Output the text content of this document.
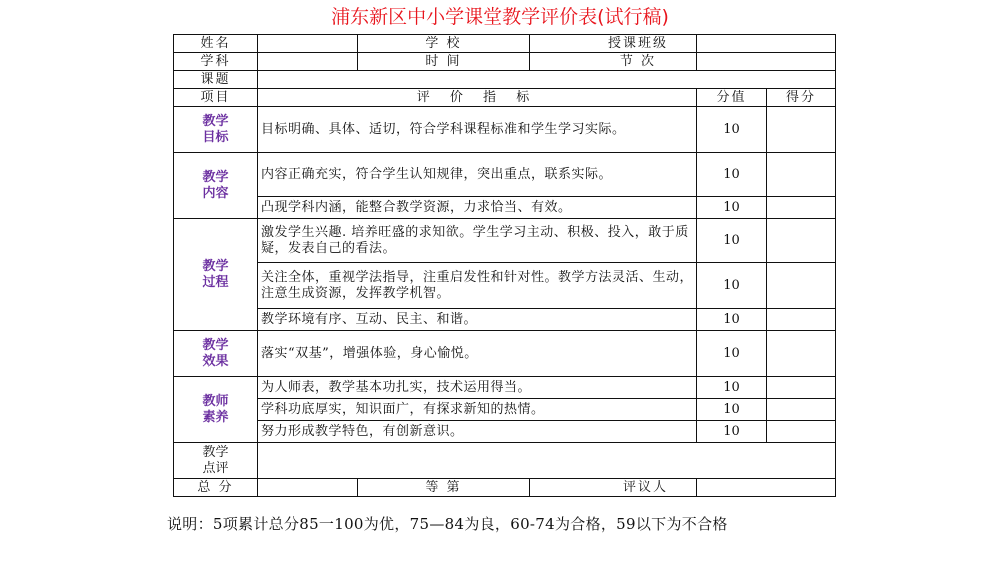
浦东新区中小学课堂教学评价表(试行稿)
姓名		学 校	授课班级		
学科		时 间	节 次		
课题					
项目	评 价 指 标			分值	得分

教学
目标	目标明确、具体、适切，符合学科课程标准和学生学习实际。			10	

教学
内容	内容正确充实，符合学生认知规律，突出重点，联系实际。			10	
	凸现学科内涵，能整合教学资源，力求恰当、有效。			10	

教学
过程	激发学生兴趣. 培养旺盛的求知欲。学生学习主动、积极、投入，敢于质疑，发表自己的看法。			10	
	关注全体，重视学法指导，注重启发性和针对性。教学方法灵活、生动，注意生成资源，发挥教学机智。			10	
	教学环境有序、互动、民主、和谐。			10	

教学
效果	落实“双基”，增强体验，身心愉悦。			10	

教师
素养	为人师表，教学基本功扎实，技术运用得当。			10	
	学科功底厚实，知识面广，有探求新知的热情。			10	
	努力形成教学特色，有创新意识。			10	

教学点评					

总 分		等 第	评议人		
说明：5项累计总分85一100为优，75—84为良，60-74为合格，59以下为不合格
